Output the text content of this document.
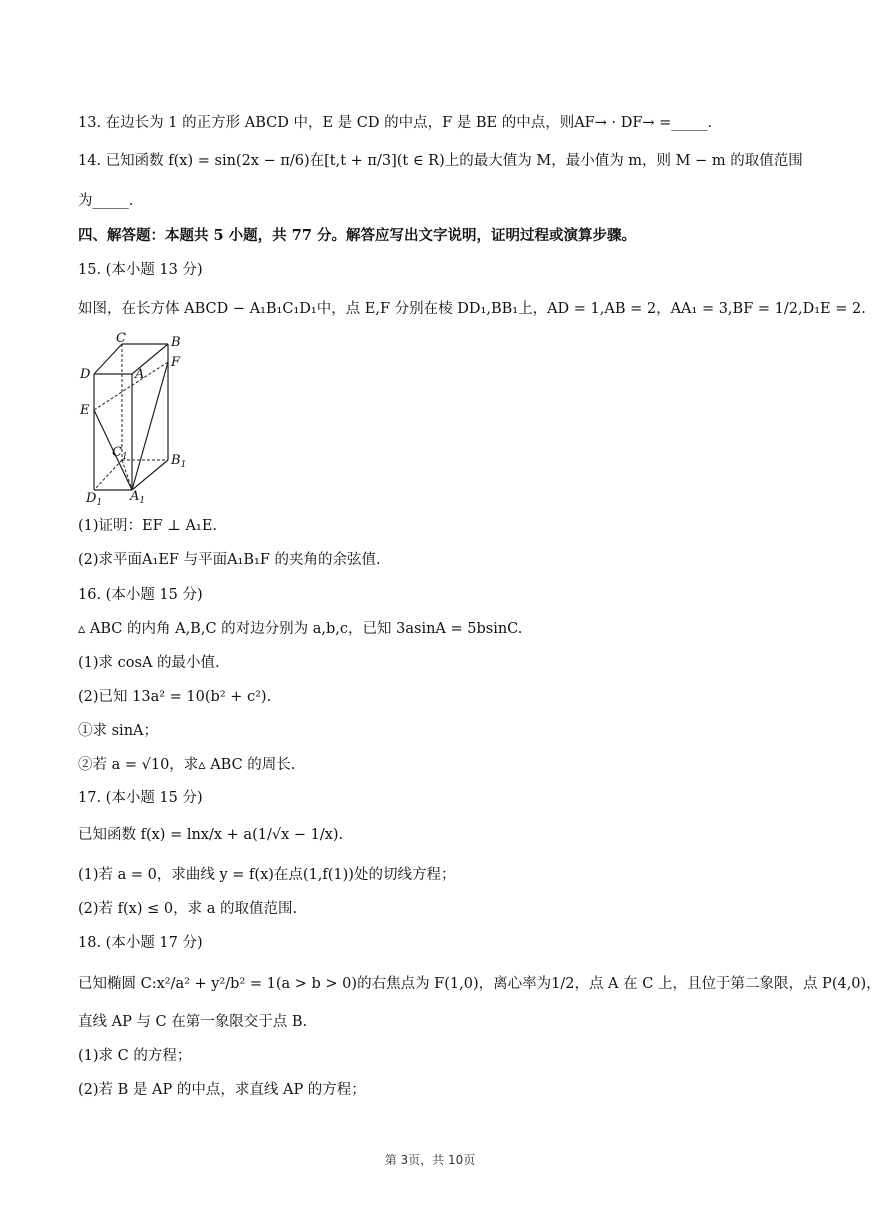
13. 在边长为 1 的正方形 ABCD 中，E 是 CD 的中点，F 是 BE 的中点，则AF→ · DF→ =_____.
14. 已知函数 f(x) = sin(2x − π/6)在[t,t + π/3](t ∈ R)上的最大值为 M，最小值为 m，则 M − m 的取值范围
为_____.
四、解答题：本题共 5 小题，共 77 分。解答应写出文字说明，证明过程或演算步骤。
15. (本小题 13 分)
如图，在长方体 ABCD − A₁B₁C₁D₁中，点 E,F 分别在棱 DD₁,BB₁上，AD = 1,AB = 2，AA₁ = 3,BF = 1/2,D₁E = 2.
C	B
D	A
F
E
$C_1$	$B_1$
$D_1$ $A_1$
(1)证明：EF ⊥ A₁E.
(2)求平面A₁EF 与平面A₁B₁F 的夹角的余弦值.
16. (本小题 15 分)
▵ ABC 的内角 A,B,C 的对边分别为 a,b,c，已知 3asinA = 5bsinC.
(1)求 cosA 的最小值.
(2)已知 13a² = 10(b² + c²).
①求 sinA；
②若 a = √10，求▵ ABC 的周长.
17. (本小题 15 分)
已知函数 f(x) = lnx/x + a(1/√x − 1/x).
(1)若 a = 0，求曲线 y = f(x)在点(1,f(1))处的切线方程；
(2)若 f(x) ≤ 0，求 a 的取值范围.
18. (本小题 17 分)
已知椭圆 C:x²/a² + y²/b² = 1(a > b > 0)的右焦点为 F(1,0)，离心率为1/2，点 A 在 C 上，且位于第二象限，点 P(4,0)，
直线 AP 与 C 在第一象限交于点 B.
(1)求 C 的方程；
(2)若 B 是 AP 的中点，求直线 AP 的方程；
第 3页，共 10页
